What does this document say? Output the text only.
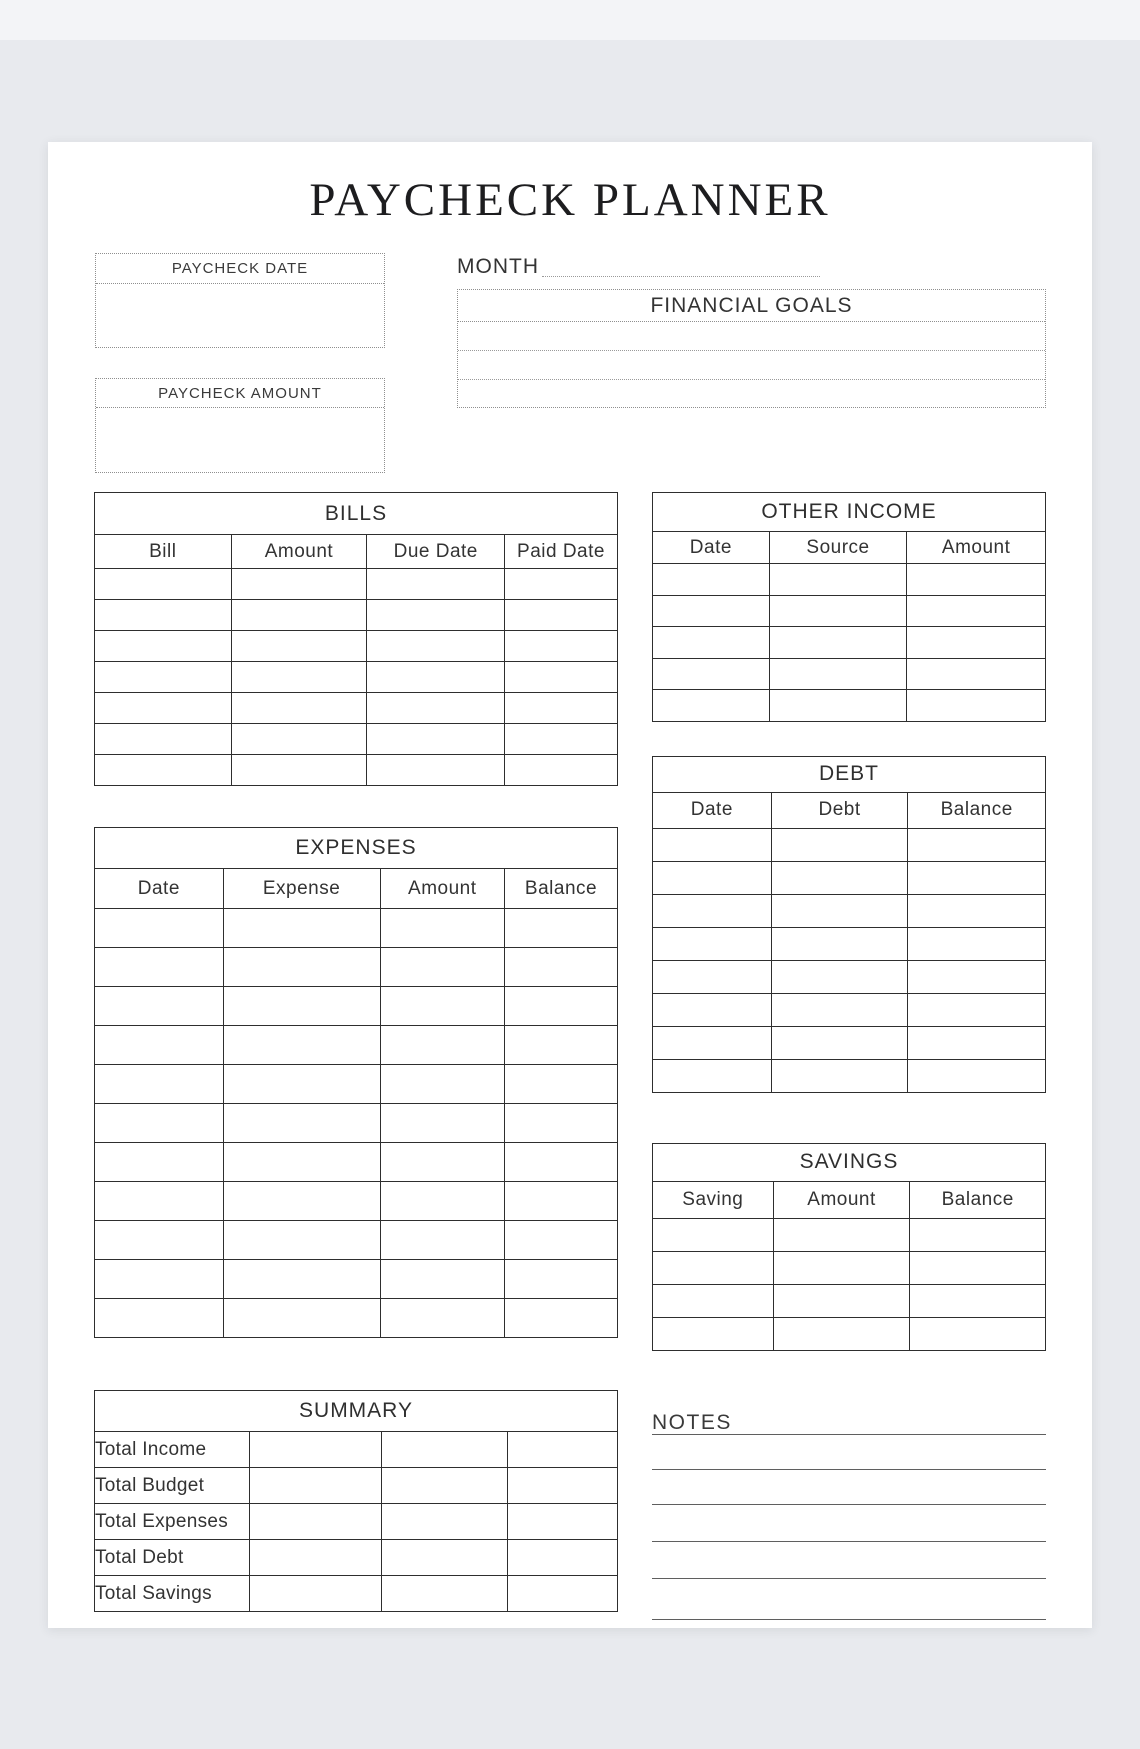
PAYCHECK PLANNER
PAYCHECK DATE
PAYCHECK AMOUNT
MONTH
FINANCIAL GOALS
BILLS			
Bill	Amount	Due Date	Paid Date

EXPENSES			
Date	Expense	Amount	Balance

SUMMARY			
Total Income			
Total Budget			
Total Expenses			
Total Debt			
Total Savings			
OTHER INCOME		
Date	Source	Amount

DEBT		
Date	Debt	Balance

SAVINGS		
Saving	Amount	Balance

NOTES
